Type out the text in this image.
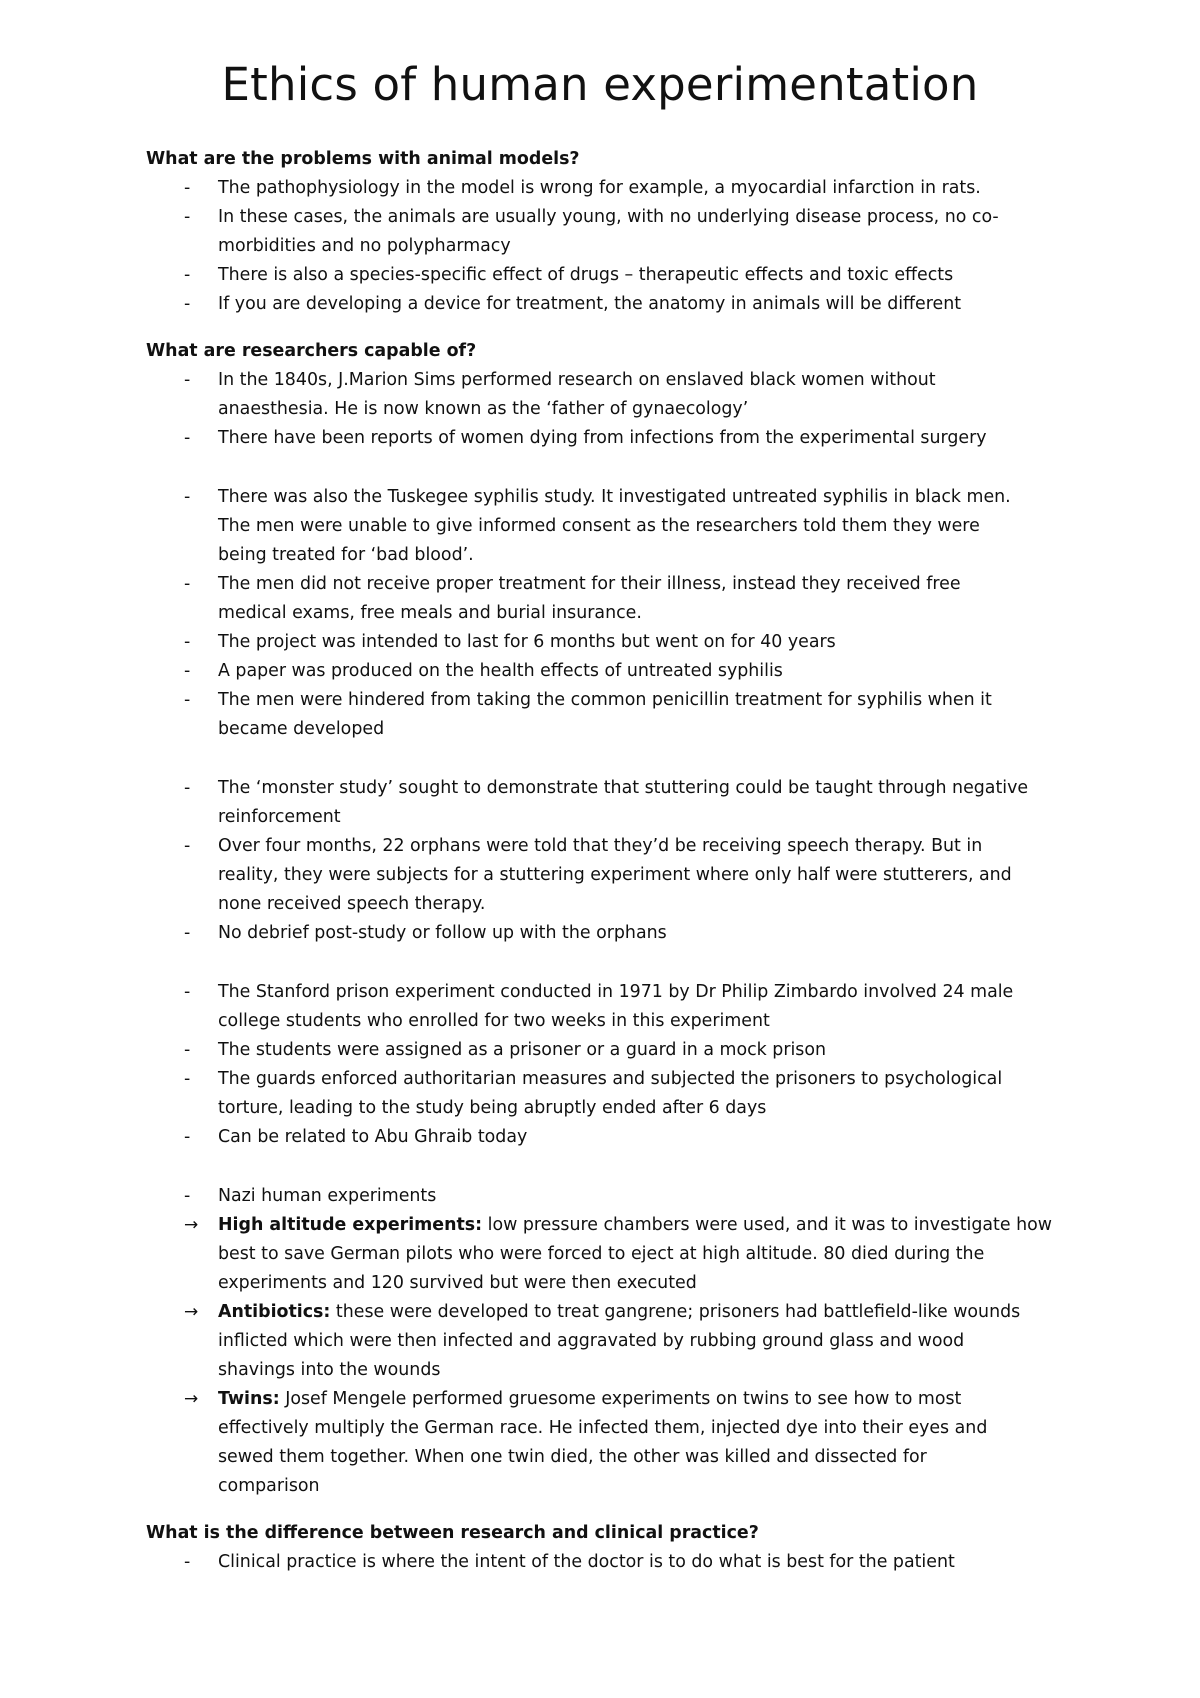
Ethics of human experimentation
What are the problems with animal models?
- The pathophysiology in the model is wrong for example, a myocardial infarction in rats.
- In these cases, the animals are usually young, with no underlying disease process, no co-
morbidities and no polypharmacy
- There is also a species-specific effect of drugs – therapeutic effects and toxic effects
- If you are developing a device for treatment, the anatomy in animals will be different
What are researchers capable of?
- In the 1840s, J.Marion Sims performed research on enslaved black women without
anaesthesia. He is now known as the ‘father of gynaecology’
- There have been reports of women dying from infections from the experimental surgery
- There was also the Tuskegee syphilis study. It investigated untreated syphilis in black men.
The men were unable to give informed consent as the researchers told them they were
being treated for ‘bad blood’.
- The men did not receive proper treatment for their illness, instead they received free
medical exams, free meals and burial insurance.
- The project was intended to last for 6 months but went on for 40 years
- A paper was produced on the health effects of untreated syphilis
- The men were hindered from taking the common penicillin treatment for syphilis when it
became developed
- The ‘monster study’ sought to demonstrate that stuttering could be taught through negative
reinforcement
- Over four months, 22 orphans were told that they’d be receiving speech therapy. But in
reality, they were subjects for a stuttering experiment where only half were stutterers, and
none received speech therapy.
- No debrief post-study or follow up with the orphans
- The Stanford prison experiment conducted in 1971 by Dr Philip Zimbardo involved 24 male
college students who enrolled for two weeks in this experiment
- The students were assigned as a prisoner or a guard in a mock prison
- The guards enforced authoritarian measures and subjected the prisoners to psychological
torture, leading to the study being abruptly ended after 6 days
- Can be related to Abu Ghraib today
- Nazi human experiments
→ High altitude experiments: low pressure chambers were used, and it was to investigate how
best to save German pilots who were forced to eject at high altitude. 80 died during the
experiments and 120 survived but were then executed
→ Antibiotics: these were developed to treat gangrene; prisoners had battlefield-like wounds
inflicted which were then infected and aggravated by rubbing ground glass and wood
shavings into the wounds
→ Twins: Josef Mengele performed gruesome experiments on twins to see how to most
effectively multiply the German race. He infected them, injected dye into their eyes and
sewed them together. When one twin died, the other was killed and dissected for
comparison
What is the difference between research and clinical practice?
- Clinical practice is where the intent of the doctor is to do what is best for the patient
